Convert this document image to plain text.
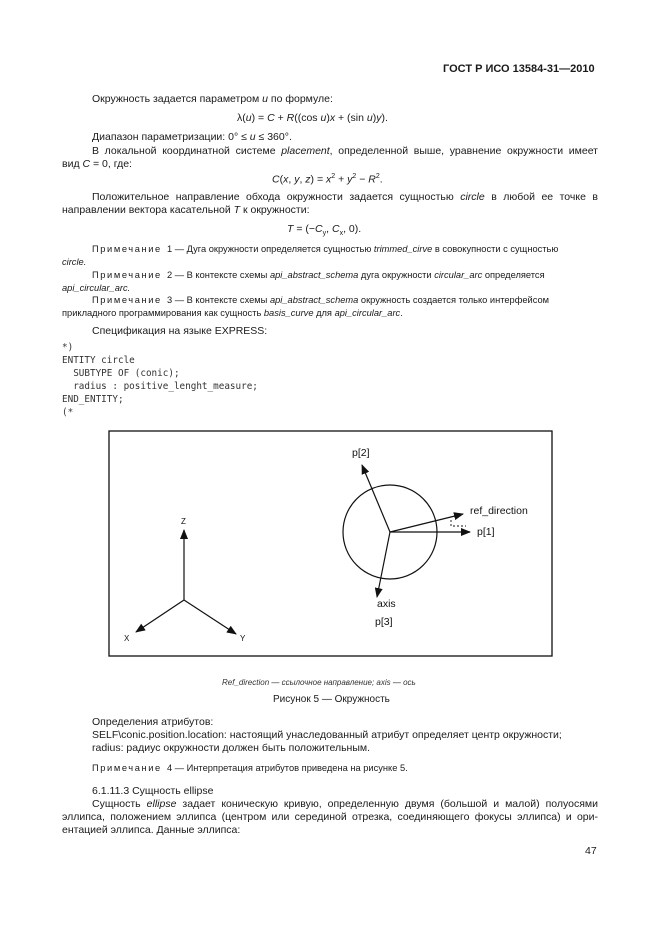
ГОСТ Р ИСО 13584-31—2010
Окружность задается параметром u по формуле:
λ(u) = C + R((cos u)x + (sin u)y).
Диапазон параметризации: 0° ≤ u ≤ 360°.
В локальной координатной системе placement, определенной выше, уравнение окружности имеет
вид C = 0, где:
C(x, y, $z) = x^2 + y^2 - R^2$.
Положительное направление обхода окружности задается сущностью circle в любой ее точке в
направлении вектора касательной T к окружности:
$T = (-C_y$, $C_x$, 0).
Примечание  1 — Дуга окружности определяется сущностью trimmed_cirve в совокупности с сущностью
circle.
Примечание  2 — В контексте схемы api_abstract_schema дуга окружности circular_arc определяется
api_circular_arc.
Примечание  3 — В контексте схемы api_abstract_schema окружность создается только интерфейсом
прикладного программирования как сущность basis_curve для api_circular_arc.
Спецификация на языке EXPRESS:
*)
ENTITY circle
SUBTYPE OF (conic);
radius : positive_lenght_measure;
END_ENTITY;
(*
Z
X	Y
p[2]
ref_direction
p[1]
axis
p[3]
Ref_direction — ссылочное направление; axis — ось
Рисунок 5 — Окружность
Определения атрибутов:
SELF\conic.position.location: настоящий унаследованный атрибут определяет центр окружности;
radius: радиус окружности должен быть положительным.
Примечание 4 — Интерпретация атрибутов приведена на рисунке 5.
6.1.11.3 Сущность ellipse
Сущность ellipse задает коническую кривую, определенную двумя (большой и малой) полуосями
эллипса, положением эллипса (центром или серединой отрезка, соединяющего фокусы эллипса) и ори-
ентацией эллипса. Данные эллипса:
47
